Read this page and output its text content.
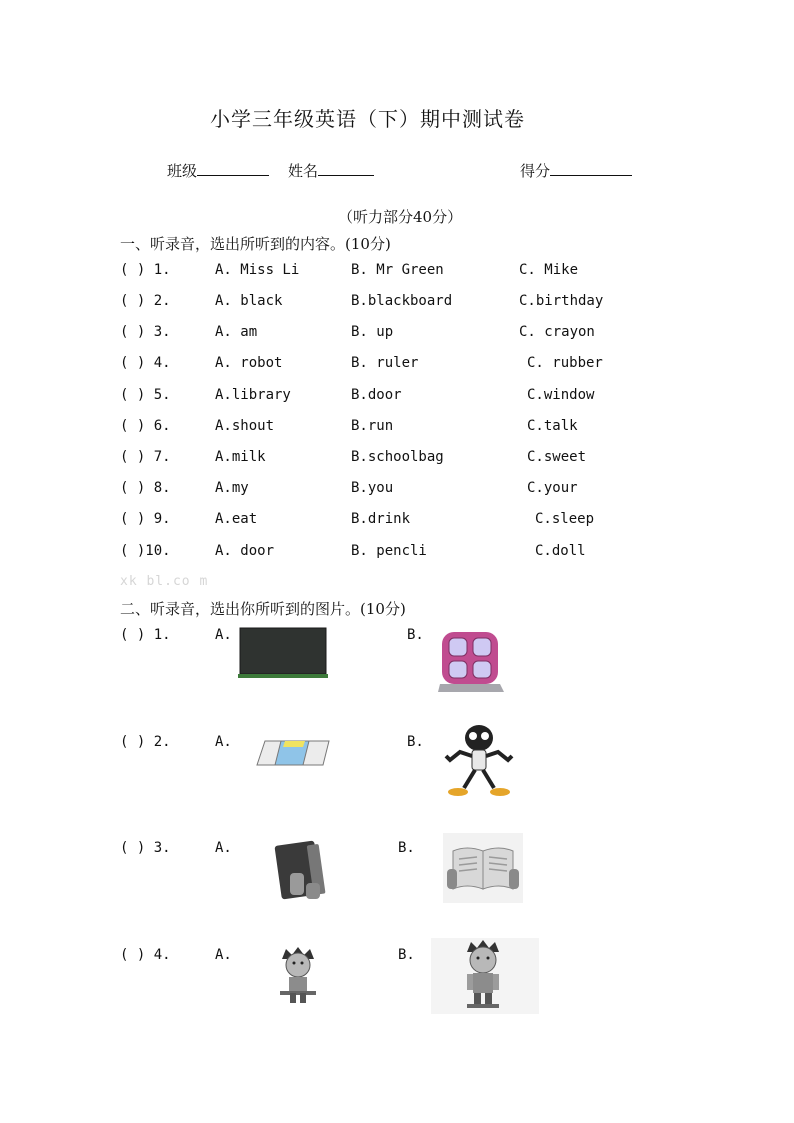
小学三年级英语（下）期中测试卷
班级	姓名	得分
（听力部分40分）
一、听录音，选出所听到的内容。(10分)
( ) 1.	A. Miss Li	B. Mr Green	C. Mike
( ) 2.	A. black	B.blackboard	C.birthday
( ) 3.	A. am	B. up	C. crayon
( ) 4.	A. robot	B. ruler	C. rubber
( ) 5.	A.library	B.door	C.window
( ) 6.	A.shout	B.run	C.talk
( ) 7.	A.milk	B.schoolbag	C.sweet
( ) 8.	A.my	B.you	C.your
( ) 9.	A.eat	B.drink	C.sleep
( )10.	A. door	B. pencli	C.doll
xk bl.co m
二、听录音，选出你所听到的图片。(10分)
( ) 1.	A.	B.
( ) 2.	A.	B.
( ) 3.	A.	B.
( ) 4.	A.	B.
